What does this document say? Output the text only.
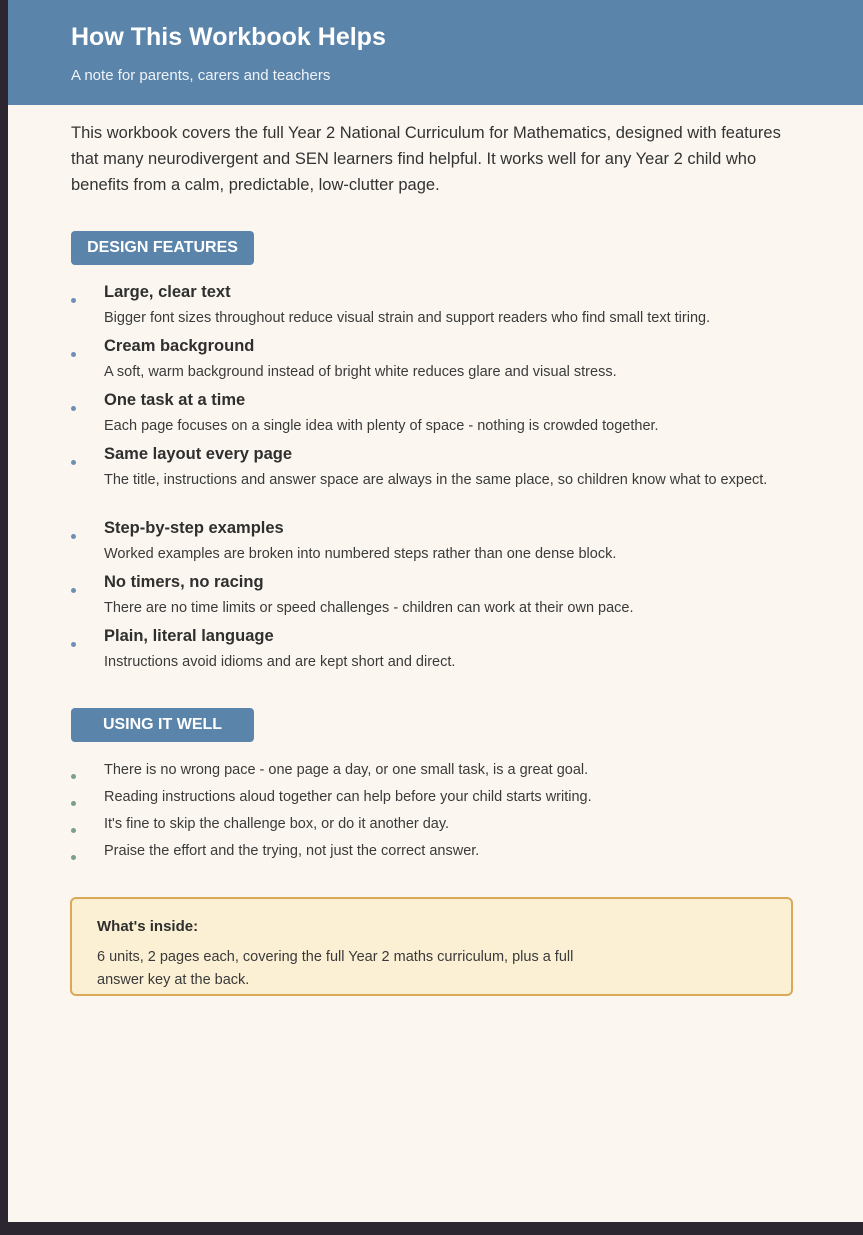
How This Workbook Helps
A note for parents, carers and teachers
This workbook covers the full Year 2 National Curriculum for Mathematics, designed with features that many neurodivergent and SEN learners find helpful. It works well for any Year 2 child who benefits from a calm, predictable, low-clutter page.
DESIGN FEATURES
Large, clear text
Bigger font sizes throughout reduce visual strain and support readers who find small text tiring.
Cream background
A soft, warm background instead of bright white reduces glare and visual stress.
One task at a time
Each page focuses on a single idea with plenty of space - nothing is crowded together.
Same layout every page
The title, instructions and answer space are always in the same place, so children know what to expect.
Step-by-step examples
Worked examples are broken into numbered steps rather than one dense block.
No timers, no racing
There are no time limits or speed challenges - children can work at their own pace.
Plain, literal language
Instructions avoid idioms and are kept short and direct.
USING IT WELL
There is no wrong pace - one page a day, or one small task, is a great goal.
Reading instructions aloud together can help before your child starts writing.
It's fine to skip the challenge box, or do it another day.
Praise the effort and the trying, not just the correct answer.
What's inside:
6 units, 2 pages each, covering the full Year 2 maths curriculum, plus a full answer key at the back.
